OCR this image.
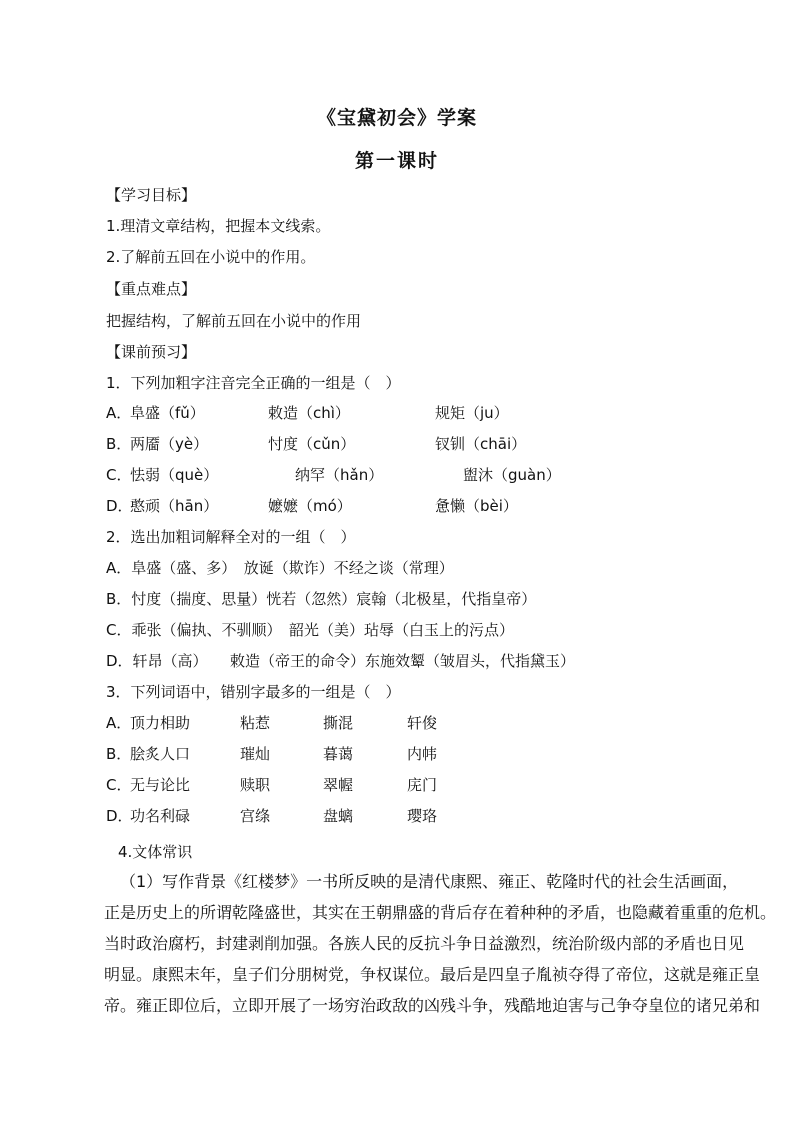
《宝黛初会》学案
第一课时
【学习目标】
1.理清文章结构，把握本文线索。
2.了解前五回在小说中的作用。
【重点难点】
把握结构，了解前五回在小说中的作用
【课前预习】
1．下列加粗字注音完全正确的一组是（　）
A．
阜盛（fǔ）	敕造（chì）	规矩（ju）
B．
两靥（yè）	忖度（cǔn）	钗钏（chāi）
C．
怯弱（què）	纳罕（hǎn）	盥沐（guàn）
D．
憨顽（hān）	嬷嬷（mó）	惫懒（bèi）
2．选出加粗词解释全对的一组（　）
A．阜盛（盛、多）　放诞（欺诈）不经之谈（常理）
B．忖度（揣度、思量）恍若（忽然）宸翰（北极星，代指皇帝）
C．乖张（偏执、不驯顺）　韶光（美）玷辱（白玉上的污点）
D．轩昂（高）　　敕造（帝王的命令）东施效颦（皱眉头，代指黛玉）
3．下列词语中，错别字最多的一组是（　）
A．
顶力相助	粘惹	撕混	轩俊
B．
脍炙人口	璀灿	暮蔼	内帏
C．
无与论比	赎职	翠幄	庑门
D．
功名利碌	宫绦	盘螭	璎珞
4.文体常识
（1）写作背景《红楼梦》一书所反映的是清代康熙、雍正、乾隆时代的社会生活画面，
正是历史上的所谓乾隆盛世，其实在王朝鼎盛的背后存在着种种的矛盾，也隐藏着重重的危机。
当时政治腐朽，封建剥削加强。各族人民的反抗斗争日益激烈，统治阶级内部的矛盾也日见
明显。康熙末年，皇子们分朋树党，争权谋位。最后是四皇子胤祯夺得了帝位，这就是雍正皇
帝。雍正即位后，立即开展了一场穷治政敌的凶残斗争，残酷地迫害与己争夺皇位的诸兄弟和
